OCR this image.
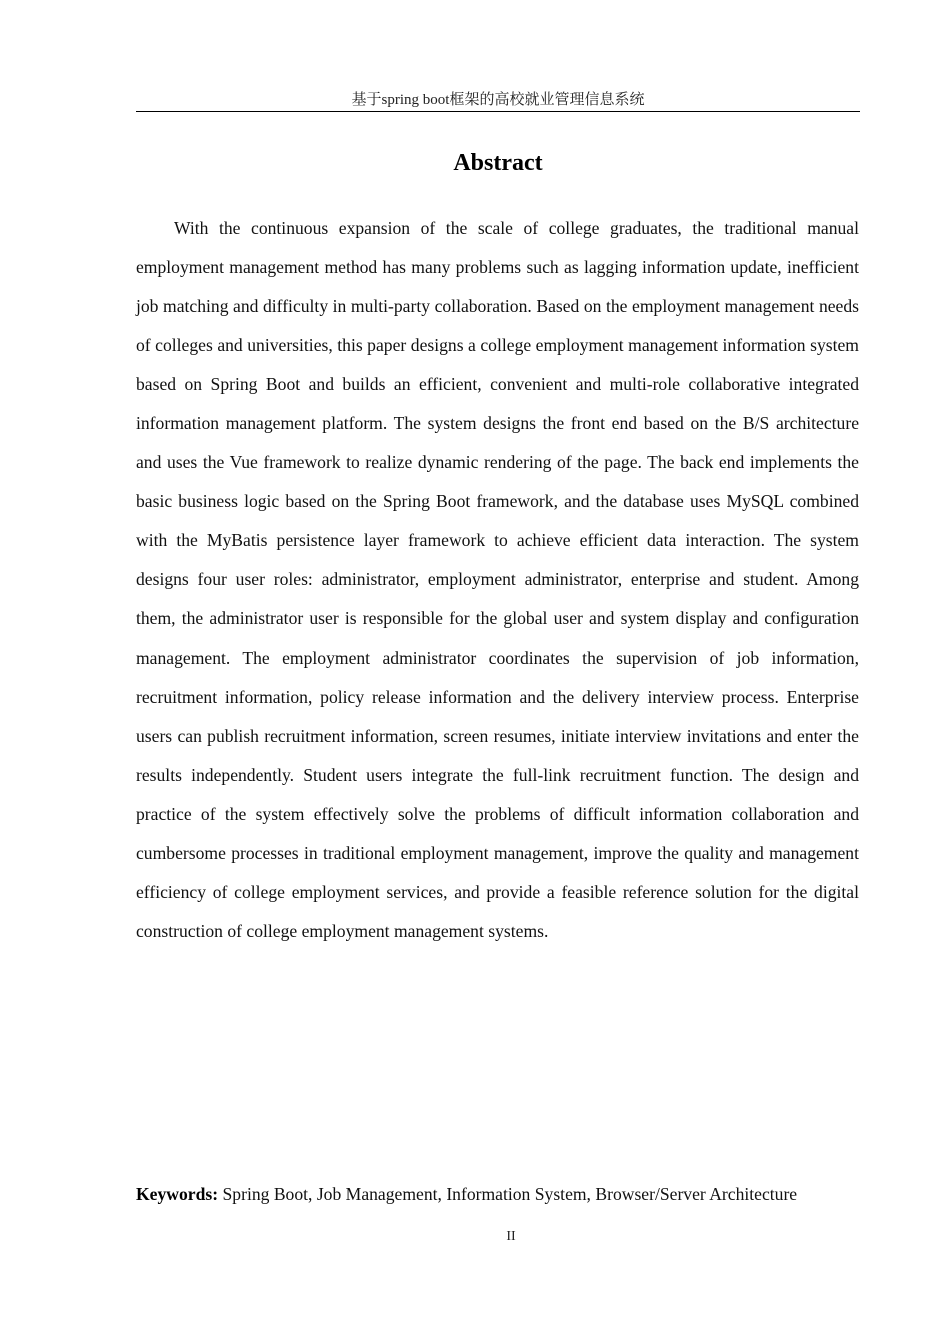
基于spring boot框架的高校就业管理信息系统
Abstract

With the continuous expansion of the scale of college graduates, the traditional manual employment management method has many problems such as lagging information update, inefficient job matching and difficulty in multi-party collaboration. Based on the employment management needs of colleges and universities, this paper designs a college employment management information system based on Spring Boot and builds an efficient, convenient and multi-role collaborative integrated information management platform. The system designs the front end based on the B/S architecture and uses the Vue framework to realize dynamic rendering of the page. The back end implements the basic business logic based on the Spring Boot framework, and the database uses MySQL combined with the MyBatis persistence layer framework to achieve efficient data interaction. The system designs four user roles: administrator, employment administrator, enterprise and student. Among them, the administrator user is responsible for the global user and system display and configuration management. The employment administrator coordinates the supervision of job information, recruitment information, policy release information and the delivery interview process. Enterprise users can publish recruitment information, screen resumes, initiate interview invitations and enter the results independently. Student users integrate the full-link recruitment function. The design and practice of the system effectively solve the problems of difficult information collaboration and cumbersome processes in traditional employment management, improve the quality and management efficiency of college employment services, and provide a feasible reference solution for the digital construction of college employment management systems.

Keywords: Spring Boot, Job Management, Information System, Browser/Server Architecture
II
